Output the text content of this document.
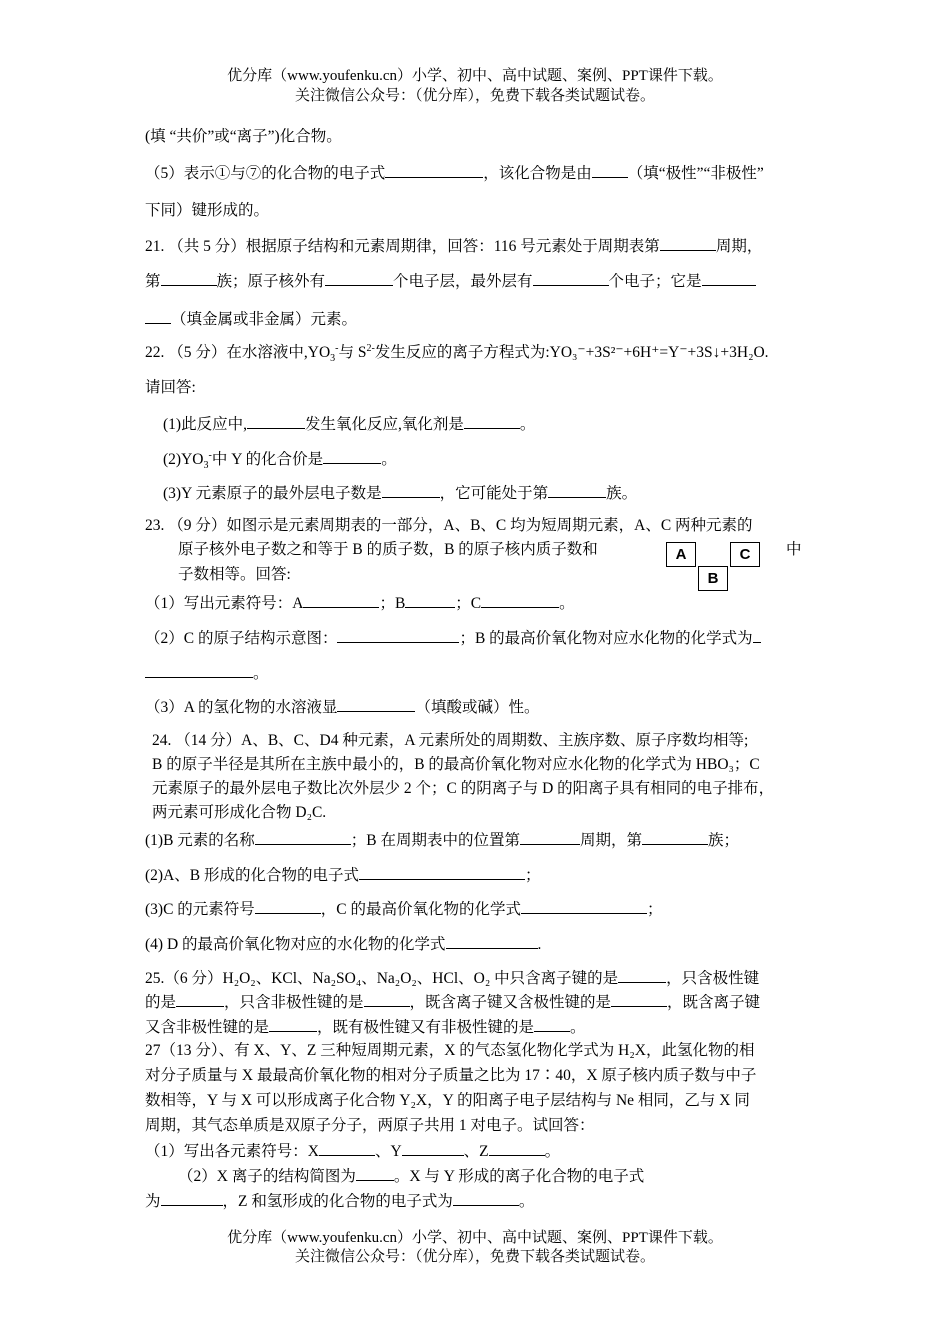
优分库（www.youfenku.cn）小学、初中、高中试题、案例、PPT课件下载。
关注微信公众号：（优分库），免费下载各类试题试卷。
(填 “共价”或“离子”)化合物。
（5）表示①与⑦的化合物的电子式	，该化合物是由 （填“极性”“非极性”
下同）键形成的。
21. （共 5 分）根据原子结构和元素周期律，回答：116 号元素处于周期表第	周期，
第	族；原子核外有	个电子层，最外层有	个电子；它是
（填金属或非金属）元素。
22. （5 分）在水溶液中$,YO_3^-$与 $S^{2-}$发生反应的离子方程式为:YO₃⁻+3S²⁻+6H⁺=Y⁻+3S↓+3H₂O.
请回答:
(1)此反应中,	发生氧化反应,氧化剂是	。
$(2)YO_3^-$中 Y 的化合价是	。
(3)Y 元素原子的最外层电子数是	，它可能处于第	族。
23. （9 分）如图示是元素周期表的一部分，A、B、C 均为短周期元素，A、C 两种元素的
原子核外电子数之和等于 B 的质子数，B 的原子核内质子数和	中
子数相等。回答:
A	C
B
（1）写出元素符号：A	；B	；C	。
（2）C 的原子结构示意图：	；B 的最高价氧化物对应水化物的化学式为
。
（3）A 的氢化物的水溶液显	（填酸或碱）性。
24. （14 分）A、B、C、D4 种元素，A 元素所处的周期数、主族序数、原子序数均相等;
B 的原子半径是其所在主族中最小的，B 的最高价氧化物对应水化物的化学式为 HBO₃；C
元素原子的最外层电子数比次外层少 2 个；C 的阴离子与 D 的阳离子具有相同的电子排布，
两元素可形成化合物 D₂C.
(1)B 元素的名称	；B 在周期表中的位置第	周期，第	族；
(2)A、B 形成的化合物的电子式	；
(3)C 的元素符号	，C 的最高价氧化物的化学式	；
(4) D 的最高价氧化物对应的水化物的化学式	.
25.（6 分）H₂O₂、KCl、Na₂SO₄、Na₂O₂、HCl、O₂ 中只含离子键的是	，只含极性键
的是	，只含非极性键的是	，既含离子键又含极性键的是	，既含离子键
又含非极性键的是	，既有极性键又有非极性键的是 。
27（13 分）、有 X、Y、Z 三种短周期元素，X 的气态氢化物化学式为 H₂X，此氢化物的相
对分子质量与 X 最最高价氧化物的相对分子质量之比为 17∶40，X 原子核内质子数与中子
数相等，Y 与 X 可以形成离子化合物 Y₂X，Y 的阳离子电子层结构与 Ne 相同，乙与 X 同
周期，其气态单质是双原子分子，两原子共用 1 对电子。试回答：
（1）写出各元素符号：X	、Y	、Z	。
（2）X 离子的结构简图为 。X 与 Y 形成的离子化合物的电子式
为	，Z 和氢形成的化合物的电子式为	。
优分库（www.youfenku.cn）小学、初中、高中试题、案例、PPT课件下载。
关注微信公众号：（优分库），免费下载各类试题试卷。
